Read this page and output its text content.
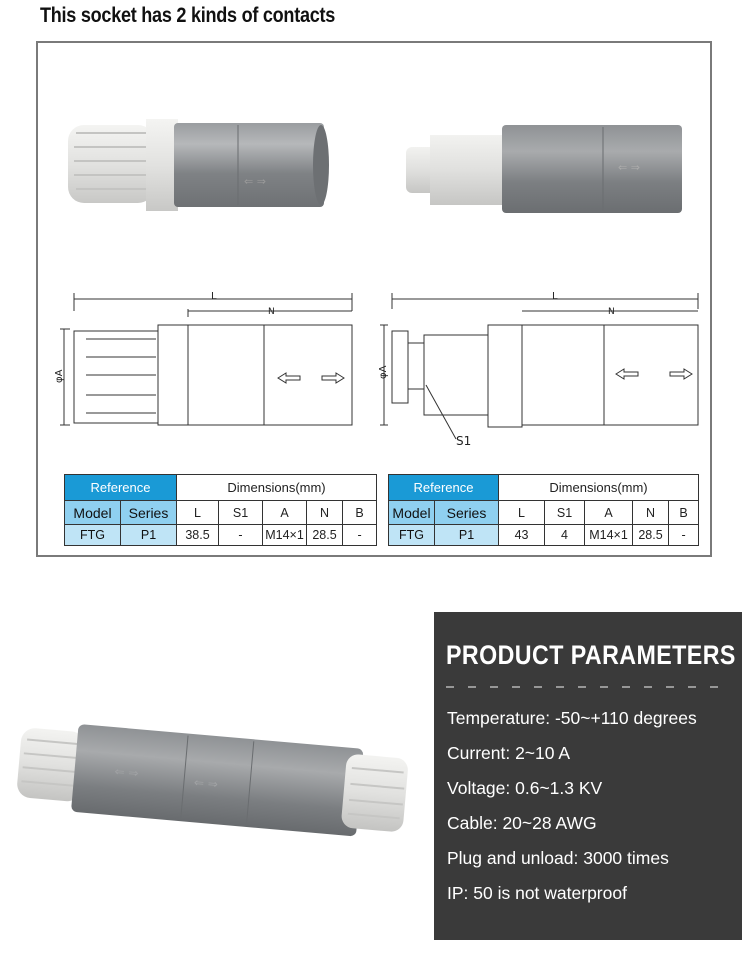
This socket has 2 kinds of contacts
⇐ ⇒
⇐ ⇒
L
N
φA
L
N
φA
S1
Reference		Dimensions(mm)				
Model	Series	L	S1	A	N	B
FTG	P1	38.5	-	M14×1	28.5	-
Reference		Dimensions(mm)				
Model	Series	L	S1	A	N	B
FTG	P1	43	4	M14×1	28.5	-
⇐ ⇒
⇐ ⇒
PRODUCT PARAMETERS
Temperature: -50~+110 degrees
Current: 2~10 A
Voltage: 0.6~1.3 KV
Cable: 20~28 AWG
Plug and unload: 3000 times
IP: 50 is not waterproof
